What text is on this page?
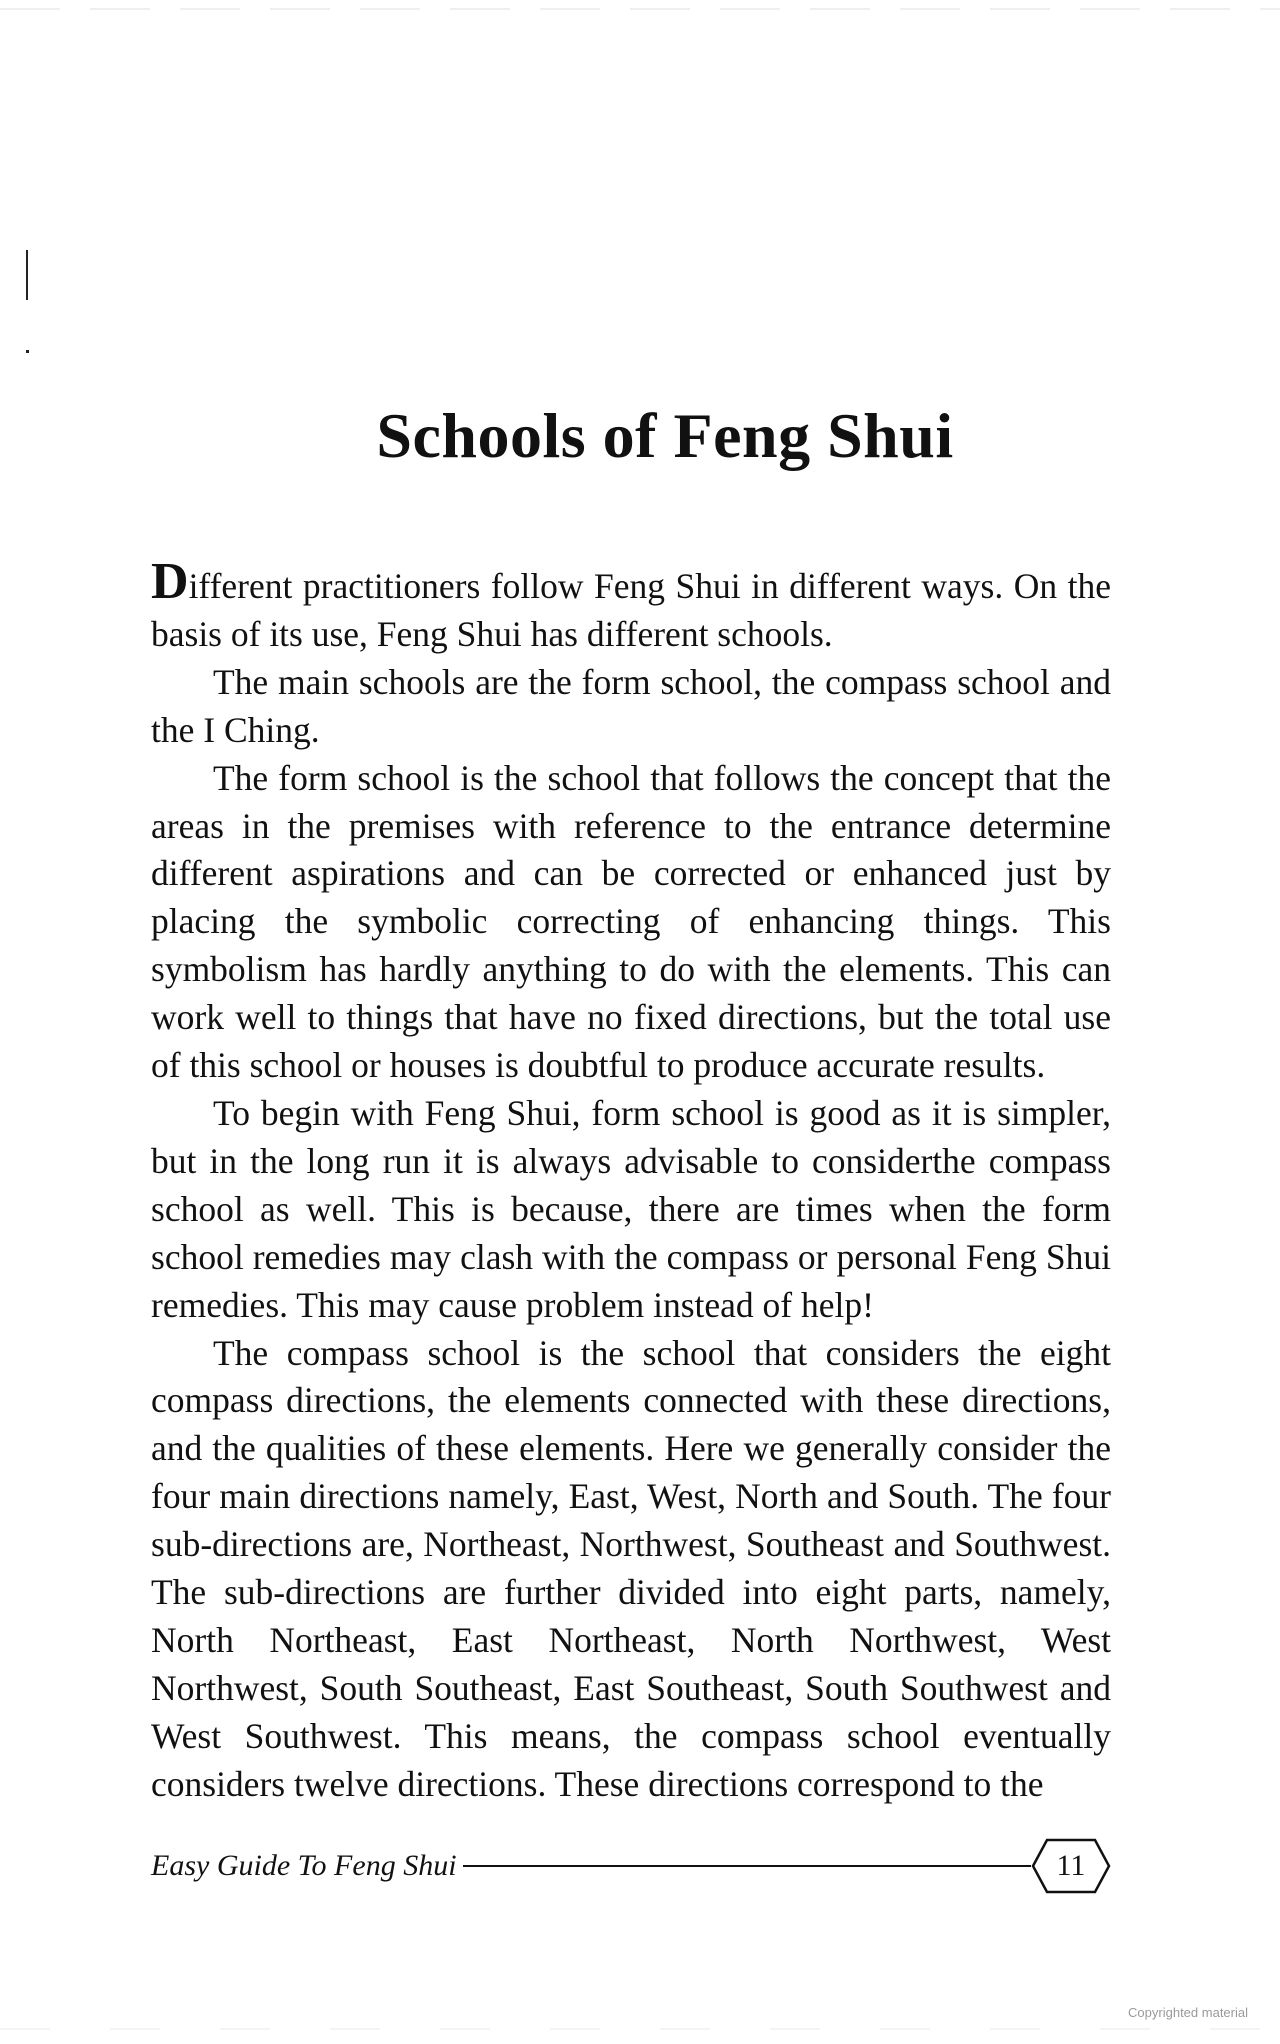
Schools of Feng Shui

Different practitioners follow Feng Shui in different ways. On the basis of its use, Feng Shui has different schools.

The main schools are the form school, the compass school and the I Ching.

The form school is the school that follows the concept that the areas in the premises with reference to the entrance determine different aspirations and can be corrected or enhanced just by placing the symbolic correcting of enhancing things. This symbolism has hardly anything to do with the elements. This can work well to things that have no fixed directions, but the total use of this school or houses is doubtful to produce accurate results.

To begin with Feng Shui, form school is good as it is simpler, but in the long run it is always advisable to considerthe compass school as well. This is because, there are times when the form school remedies may clash with the compass or personal Feng Shui remedies. This may cause problem instead of help!

The compass school is the school that considers the eight compass directions, the elements connected with these directions, and the qualities of these elements. Here we generally consider the four main directions namely, East, West, North and South. The four sub-directions are, Northeast, Northwest, Southeast and Southwest. The sub-directions are further divided into eight parts, namely, North Northeast, East Northeast, North Northwest, West Northwest, South Southeast, East Southeast, South Southwest and West Southwest. This means, the compass school eventually considers twelve directions. These directions correspond to the

Easy Guide To Feng Shui	11
Copyrighted material
